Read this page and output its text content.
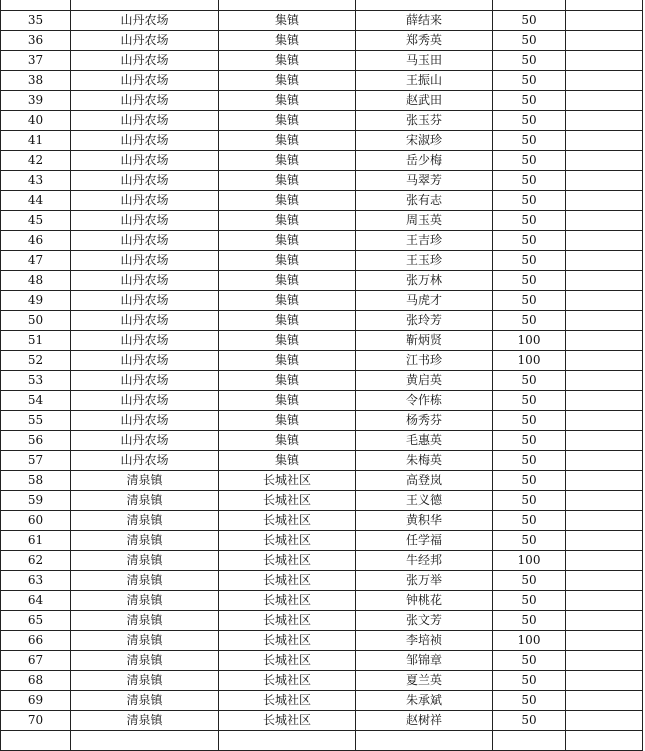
35	山丹农场	集镇	薛结来	50	
36	山丹农场	集镇	郑秀英	50	
37	山丹农场	集镇	马玉田	50	
38	山丹农场	集镇	王振山	50	
39	山丹农场	集镇	赵武田	50	
40	山丹农场	集镇	张玉芬	50	
41	山丹农场	集镇	宋淑珍	50	
42	山丹农场	集镇	岳少梅	50	
43	山丹农场	集镇	马翠芳	50	
44	山丹农场	集镇	张有志	50	
45	山丹农场	集镇	周玉英	50	
46	山丹农场	集镇	王吉珍	50	
47	山丹农场	集镇	王玉珍	50	
48	山丹农场	集镇	张万林	50	
49	山丹农场	集镇	马虎才	50	
50	山丹农场	集镇	张玲芳	50	
51	山丹农场	集镇	靳炳贤	100	
52	山丹农场	集镇	江书珍	100	
53	山丹农场	集镇	黄启英	50	
54	山丹农场	集镇	令作栋	50	
55	山丹农场	集镇	杨秀芬	50	
56	山丹农场	集镇	毛惠英	50	
57	山丹农场	集镇	朱梅英	50	
58	清泉镇	长城社区	高登岚	50	
59	清泉镇	长城社区	王义德	50	
60	清泉镇	长城社区	黄积华	50	
61	清泉镇	长城社区	任学福	50	
62	清泉镇	长城社区	牛经邦	100	
63	清泉镇	长城社区	张万举	50	
64	清泉镇	长城社区	钟桃花	50	
65	清泉镇	长城社区	张文芳	50	
66	清泉镇	长城社区	李培祯	100	
67	清泉镇	长城社区	邹锦章	50	
68	清泉镇	长城社区	夏兰英	50	
69	清泉镇	长城社区	朱承斌	50	
70	清泉镇	长城社区	赵树祥	50	
